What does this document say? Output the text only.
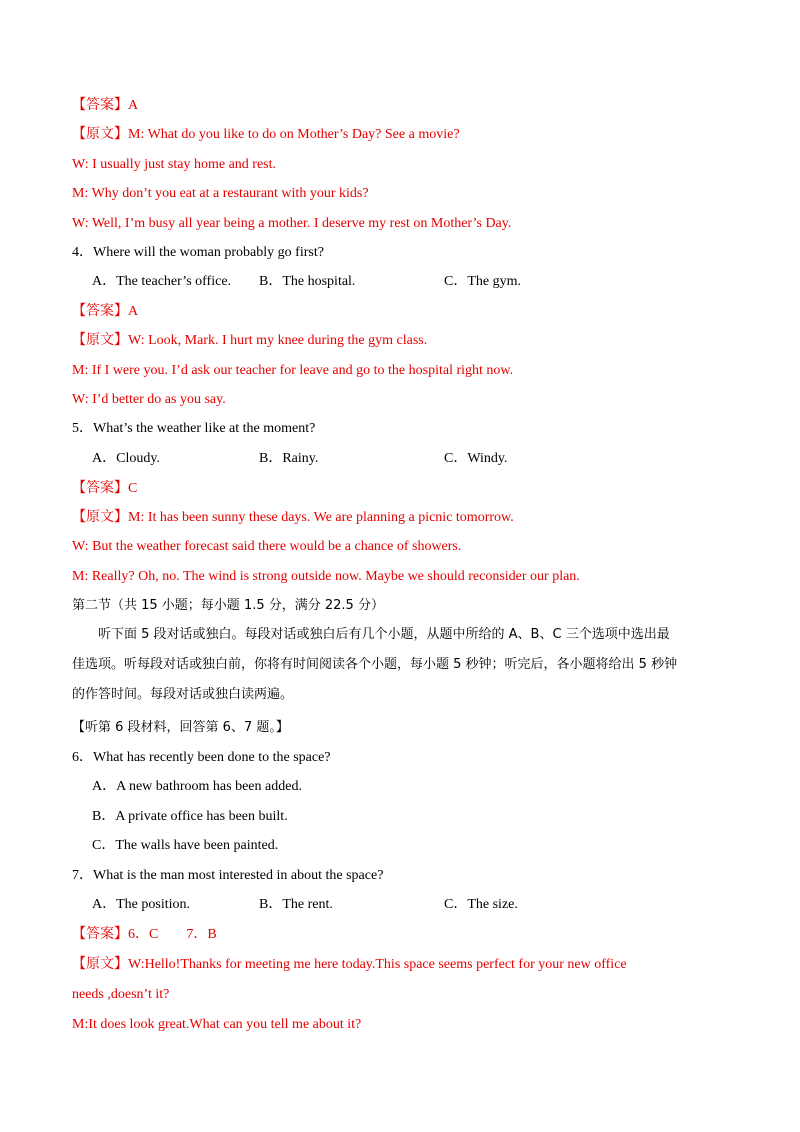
【答案】A
【原文】M: What do you like to do on Mother’s Day? See a movie?
W: I usually just stay home and rest.
M: Why don’t you eat at a restaurant with your kids?
W: Well, I’m busy all year being a mother. I deserve my rest on Mother’s Day.
4．Where will the woman probably go first?
A．The teacher’s office. B．The hospital.	C．The gym.
【答案】A
【原文】W: Look, Mark. I hurt my knee during the gym class.
M: If I were you. I’d ask our teacher for leave and go to the hospital right now.
W: I’d better do as you say.
5．What’s the weather like at the moment?
A．Cloudy.	B．Rainy.	C．Windy.
【答案】C
【原文】M: It has been sunny these days. We are planning a picnic tomorrow.
W: But the weather forecast said there would be a chance of showers.
M: Really? Oh, no. The wind is strong outside now. Maybe we should reconsider our plan.
第二节（共 15 小题；每小题 1.5 分，满分 22.5 分）
听下面 5 段对话或独白。每段对话或独白后有几个小题，从题中所给的 A、B、C 三个选项中选出最佳选项。听每段对话或独白前，你将有时间阅读各个小题，每小题 5 秒钟；听完后，各小题将给出 5 秒钟的作答时间。每段对话或独白读两遍。
【听第 6 段材料，回答第 6、7 题。】
6．What has recently been done to the space?
A．A new bathroom has been added.
B．A private office has been built.
C．The walls have been painted.
7．What is the man most interested in about the space?
A．The position.	B．The rent.	C．The size.
【答案】6．C　　7．B
【原文】W:Hello!Thanks for meeting me here today.This space seems perfect for your new office
needs ,doesn’t it?
M:It does look great.What can you tell me about it?
